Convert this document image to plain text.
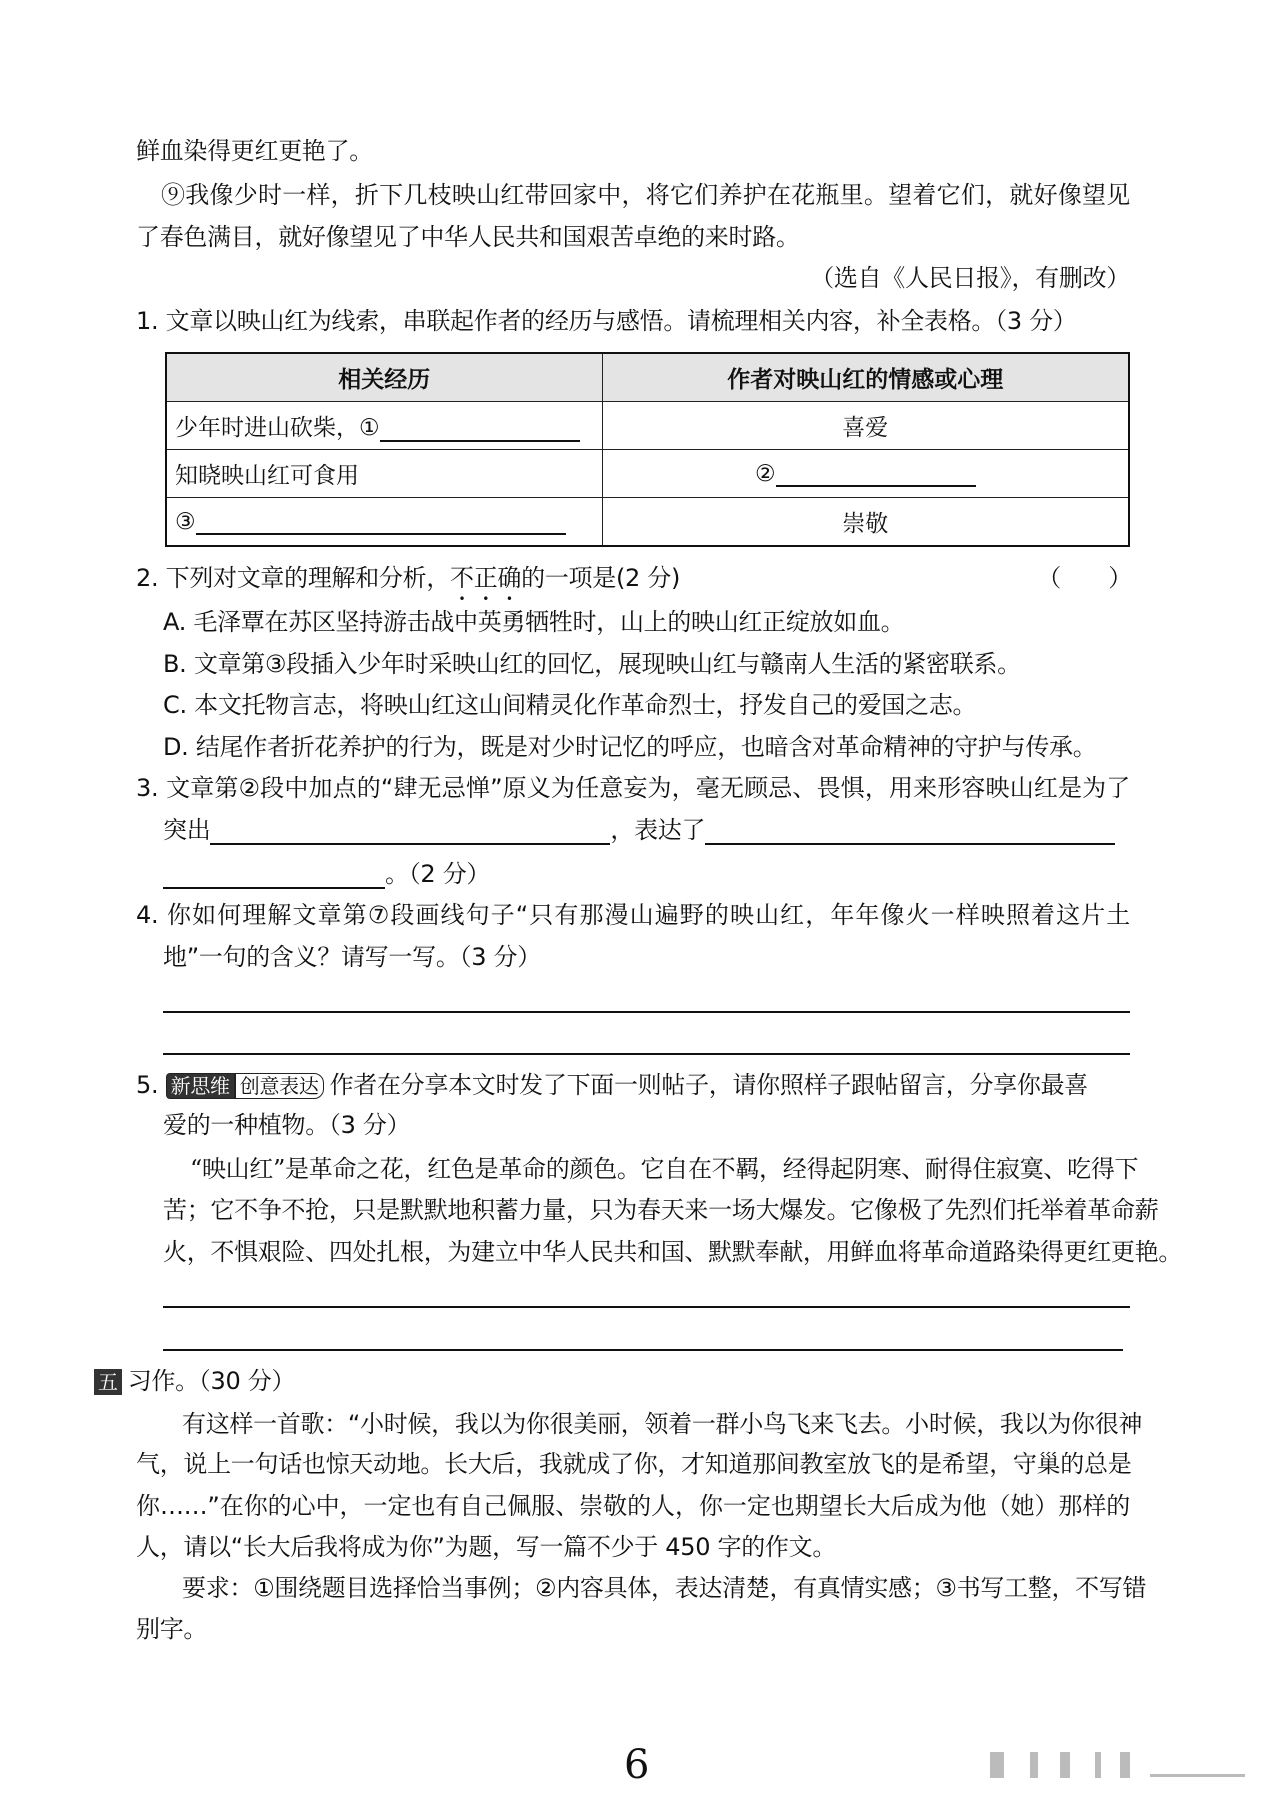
鲜血染得更红更艳了。
⑨我像少时一样，折下几枝映山红带回家中，将它们养护在花瓶里。望着它们，就好像望见
了春色满目，就好像望见了中华人民共和国艰苦卓绝的来时路。
（选自《人民日报》，有删改）
1. 文章以映山红为线索，串联起作者的经历与感悟。请梳理相关内容，补全表格。（3 分）
相关经历	作者对映山红的情感或心理
少年时进山砍柴，①	喜爱
知晓映山红可食用	②
③	崇敬
2. 下列对文章的理解和分析，不正确的一项是(2 分)	（　　）
A. 毛泽覃在苏区坚持游击战中英勇牺牲时，山上的映山红正绽放如血。
B. 文章第③段插入少年时采映山红的回忆，展现映山红与赣南人生活的紧密联系。
C. 本文托物言志，将映山红这山间精灵化作革命烈士，抒发自己的爱国之志。
D. 结尾作者折花养护的行为，既是对少时记忆的呼应，也暗含对革命精神的守护与传承。
3. 文章第②段中加点的“肆无忌惮”原义为任意妄为，毫无顾忌、畏惧，用来形容映山红是为了
突出	，表达了
。（2 分）
4. 你如何理解文章第⑦段画线句子“只有那漫山遍野的映山红，年年像火一样映照着这片土
地”一句的含义？请写一写。（3 分）
5. 新思维 创意表达 作者在分享本文时发了下面一则帖子，请你照样子跟帖留言，分享你最喜
爱的一种植物。（3 分）
“映山红”是革命之花，红色是革命的颜色。它自在不羁，经得起阴寒、耐得住寂寞、吃得下
苦；它不争不抢，只是默默地积蓄力量，只为春天来一场大爆发。它像极了先烈们托举着革命薪
火，不惧艰险、四处扎根，为建立中华人民共和国、默默奉献，用鲜血将革命道路染得更红更艳。
五 习作。（30 分）
有这样一首歌：“小时候，我以为你很美丽，领着一群小鸟飞来飞去。小时候，我以为你很神
气，说上一句话也惊天动地。长大后，我就成了你，才知道那间教室放飞的是希望，守巢的总是
你……”在你的心中，一定也有自己佩服、崇敬的人，你一定也期望长大后成为他（她）那样的
人，请以“长大后我将成为你”为题，写一篇不少于 450 字的作文。
要求：①围绕题目选择恰当事例；②内容具体，表达清楚，有真情实感；③书写工整，不写错
别字。
6
